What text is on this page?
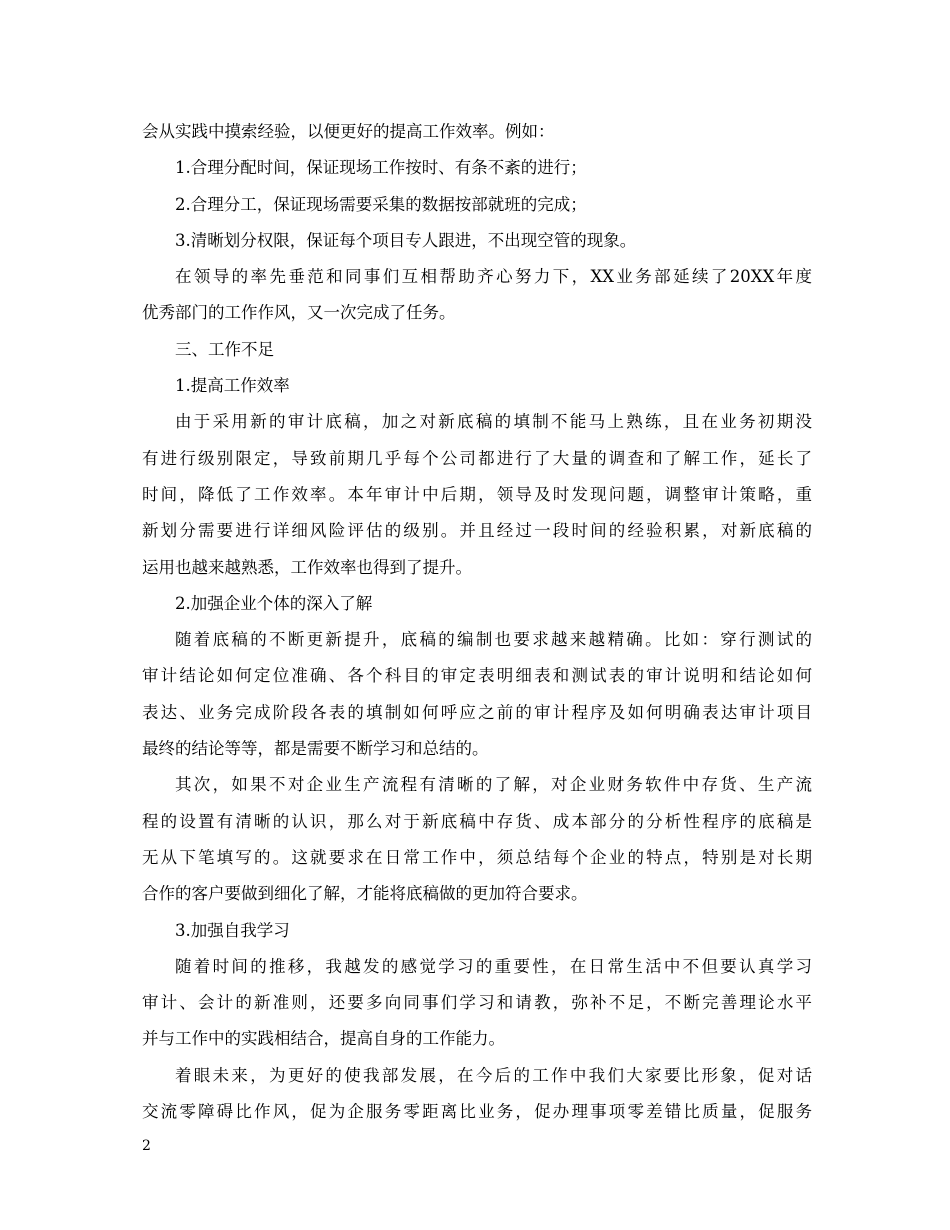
会从实践中摸索经验，以便更好的提高工作效率。例如：
1.合理分配时间，保证现场工作按时、有条不紊的进行；
2.合理分工，保证现场需要采集的数据按部就班的完成；
3.清晰划分权限，保证每个项目专人跟进，不出现空管的现象。
在领导的率先垂范和同事们互相帮助齐心努力下，XX业务部延续了20XX年度
优秀部门的工作作风，又一次完成了任务。
三、工作不足
1.提高工作效率
由于采用新的审计底稿，加之对新底稿的填制不能马上熟练，且在业务初期没
有进行级别限定，导致前期几乎每个公司都进行了大量的调查和了解工作，延长了
时间，降低了工作效率。本年审计中后期，领导及时发现问题，调整审计策略，重
新划分需要进行详细风险评估的级别。并且经过一段时间的经验积累，对新底稿的
运用也越来越熟悉，工作效率也得到了提升。
2.加强企业个体的深入了解
随着底稿的不断更新提升，底稿的编制也要求越来越精确。比如：穿行测试的
审计结论如何定位准确、各个科目的审定表明细表和测试表的审计说明和结论如何
表达、业务完成阶段各表的填制如何呼应之前的审计程序及如何明确表达审计项目
最终的结论等等，都是需要不断学习和总结的。
其次，如果不对企业生产流程有清晰的了解，对企业财务软件中存货、生产流
程的设置有清晰的认识，那么对于新底稿中存货、成本部分的分析性程序的底稿是
无从下笔填写的。这就要求在日常工作中，须总结每个企业的特点，特别是对长期
合作的客户要做到细化了解，才能将底稿做的更加符合要求。
3.加强自我学习
随着时间的推移，我越发的感觉学习的重要性，在日常生活中不但要认真学习
审计、会计的新准则，还要多向同事们学习和请教，弥补不足，不断完善理论水平
并与工作中的实践相结合，提高自身的工作能力。
着眼未来，为更好的使我部发展，在今后的工作中我们大家要比形象，促对话
交流零障碍比作风，促为企服务零距离比业务，促办理事项零差错比质量，促服务
2
